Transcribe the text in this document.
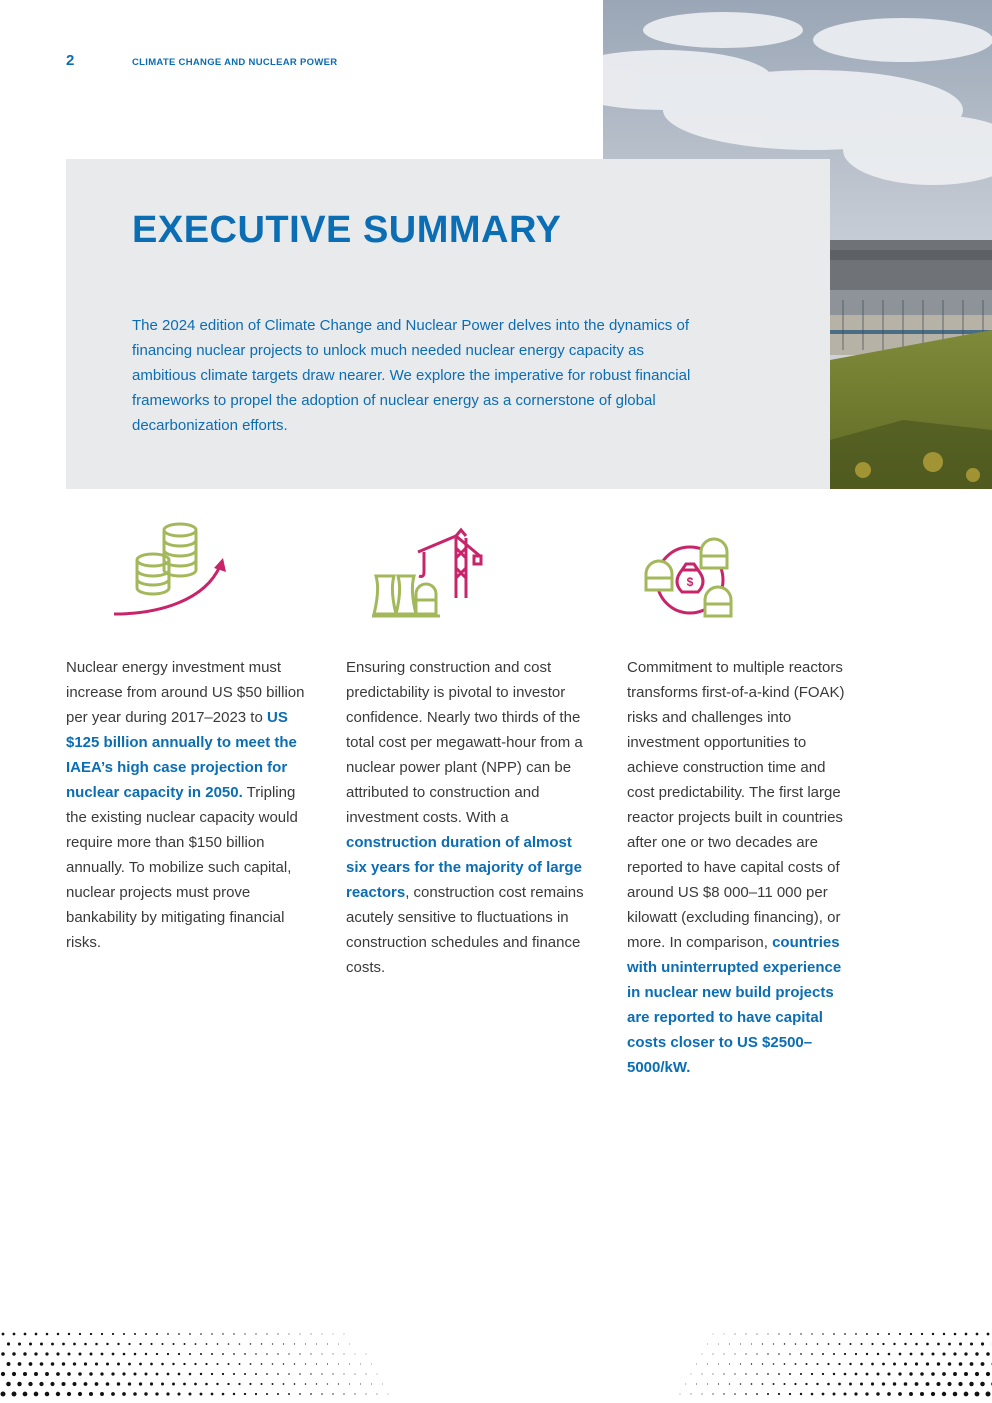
2	CLIMATE CHANGE AND NUCLEAR POWER
EXECUTIVE SUMMARY

The 2024 edition of Climate Change and Nuclear Power delves into the dynamics of financing nuclear projects to unlock much needed nuclear energy capacity as ambitious climate targets draw nearer. We explore the imperative for robust financial frameworks to propel the adoption of nuclear energy as a cornerstone of global decarbonization efforts.

$

Nuclear energy investment must increase from around US $50 billion per year during 2017–2023 to US $125 billion annually to meet the IAEA’s high case projection for nuclear capacity in 2050. Tripling the existing nuclear capacity would require more than $150 billion annually. To mobilize such capital, nuclear projects must prove bankability by mitigating financial risks.

Ensuring construction and cost predictability is pivotal to investor confidence. Nearly two thirds of the total cost per megawatt-hour from a nuclear power plant (NPP) can be attributed to construction and investment costs. With a construction duration of almost six years for the majority of large reactors, construction cost remains acutely sensitive to fluctuations in construction schedules and finance costs.

Commitment to multiple reactors transforms first-of-a-kind (FOAK) risks and challenges into investment opportunities to achieve construction time and cost predictability. The first large reactor projects built in countries after one or two decades are reported to have capital costs of around US $8 000–11 000 per kilowatt (excluding financing), or more. In comparison, countries with uninterrupted experience in nuclear new build projects are reported to have capital costs closer to US $2500–5000/kW.
